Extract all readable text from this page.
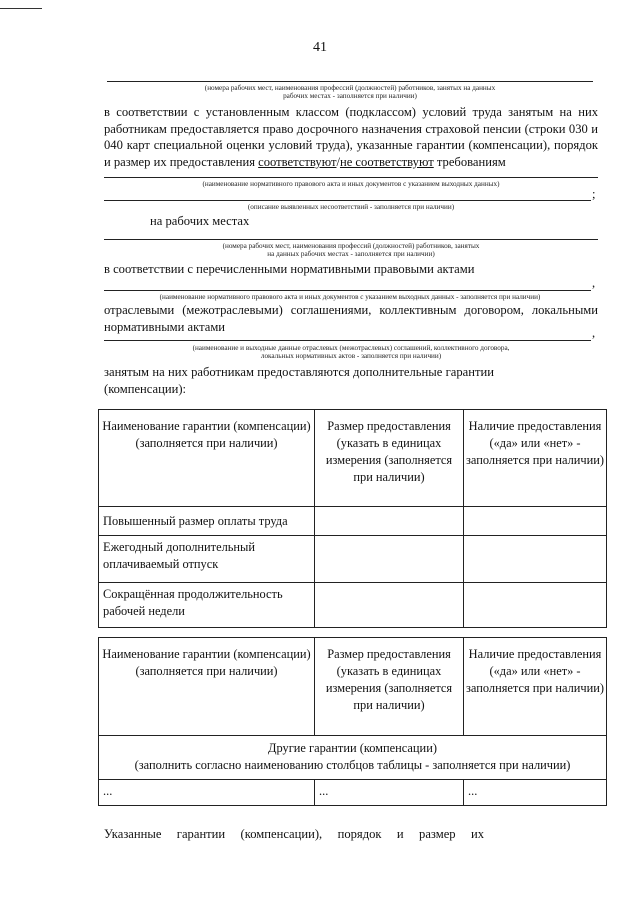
41
(номера рабочих мест, наименования профессий (должностей) работников, занятых на данных
рабочих местах - заполняется при наличии)
в соответствии с установленным классом (подклассом) условий труда занятым на них работникам предоставляется право досрочного назначения страховой пенсии (строки 030 и 040 карт специальной оценки условий труда), указанные гарантии (компенсации), порядок и размер их предоставления соответствуют/не соответствуют требованиям
(наименование нормативного правового акта и иных документов с указанием выходных данных)
;
(описание выявленных несоответствий - заполняется при наличии)
на рабочих местах
(номера рабочих мест, наименования профессий (должностей) работников, занятых
на данных рабочих местах - заполняется при наличии)
в соответствии с перечисленными нормативными правовыми актами
,
(наименование нормативного правового акта и иных документов с указанием выходных данных - заполняется при наличии)
отраслевыми (межотраслевыми) соглашениями, коллективным договором, локальными нормативными актами	,
(наименование и выходные данные отраслевых (межотраслевых) соглашений, коллективного договора,
локальных нормативных актов - заполняется при наличии)
занятым на них работникам предоставляются дополнительные гарантии (компенсации):
Наименование гарантии (компенсации) (заполняется при наличии)	Размер предоставления (указать в единицах измерения (заполняется при наличии)	Наличие предоставления («да» или «нет» - заполняется при наличии)
Повышенный размер оплаты труда		
Ежегодный дополнительный оплачиваемый отпуск		
Сокращённая продолжительность рабочей недели		
Наименование гарантии (компенсации) (заполняется при наличии)	Размер предоставления (указать в единицах измерения (заполняется при наличии)	Наличие предоставления («да» или «нет» - заполняется при наличии)

Другие гарантии (компенсации)
(заполнить согласно наименованию столбцов таблицы - заполняется при наличии)		

...	...	...
Указанные гарантии (компенсации), порядок и размер их
